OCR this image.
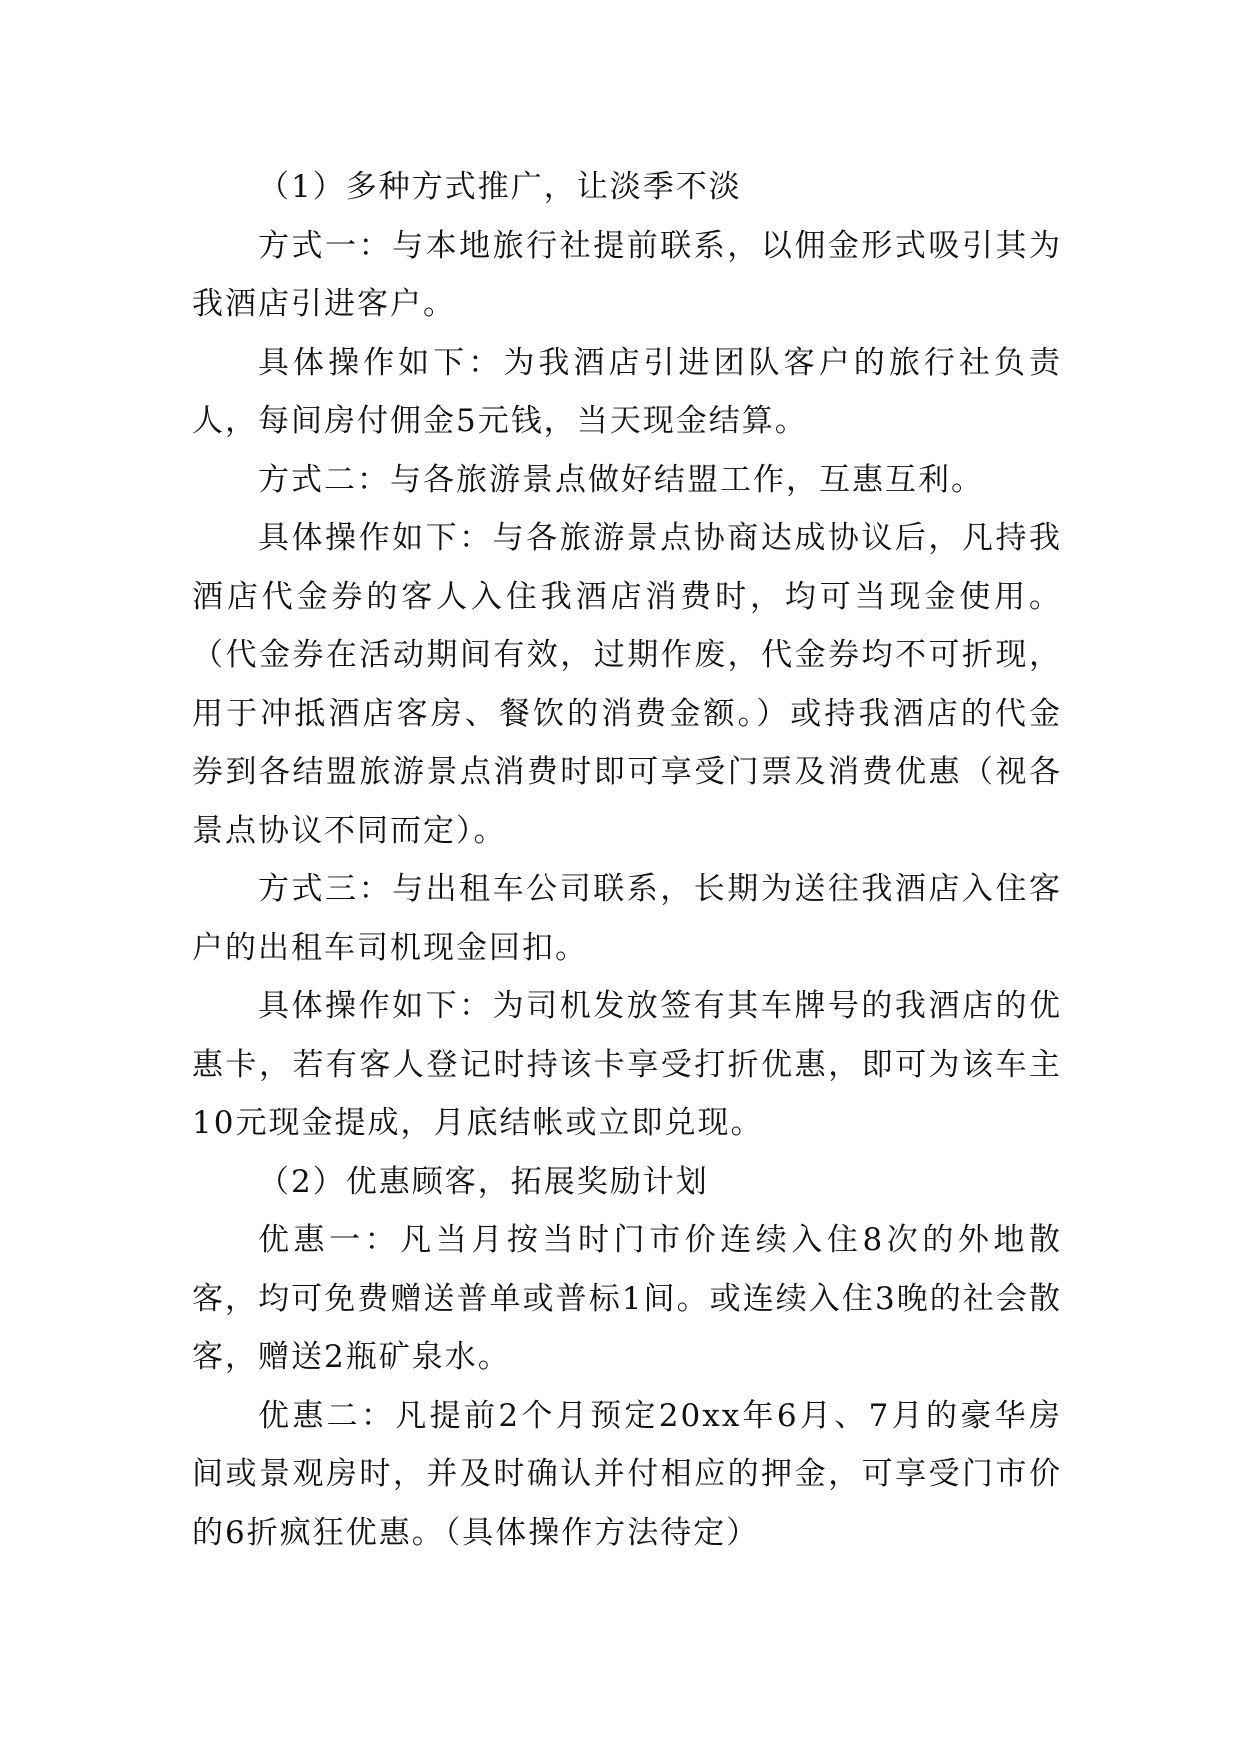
（1）多种方式推广，让淡季不淡

方式一：与本地旅行社提前联系，以佣金形式吸引其为我酒店引进客户。

具体操作如下：为我酒店引进团队客户的旅行社负责人，每间房付佣金5元钱，当天现金结算。

方式二：与各旅游景点做好结盟工作，互惠互利。

具体操作如下：与各旅游景点协商达成协议后，凡持我酒店代金券的客人入住我酒店消费时，均可当现金使用。（代金券在活动期间有效，过期作废，代金券均不可折现，用于冲抵酒店客房、餐饮的消费金额。）或持我酒店的代金券到各结盟旅游景点消费时即可享受门票及消费优惠（视各景点协议不同而定）。

方式三：与出租车公司联系，长期为送往我酒店入住客户的出租车司机现金回扣。

具体操作如下：为司机发放签有其车牌号的我酒店的优惠卡，若有客人登记时持该卡享受打折优惠，即可为该车主10元现金提成，月底结帐或立即兑现。

（2）优惠顾客，拓展奖励计划

优惠一：凡当月按当时门市价连续入住8次的外地散客，均可免费赠送普单或普标1间。或连续入住3晚的社会散客，赠送2瓶矿泉水。

优惠二：凡提前2个月预定20xx年6月、7月的豪华房间或景观房时，并及时确认并付相应的押金，可享受门市价的6折疯狂优惠。（具体操作方法待定）
